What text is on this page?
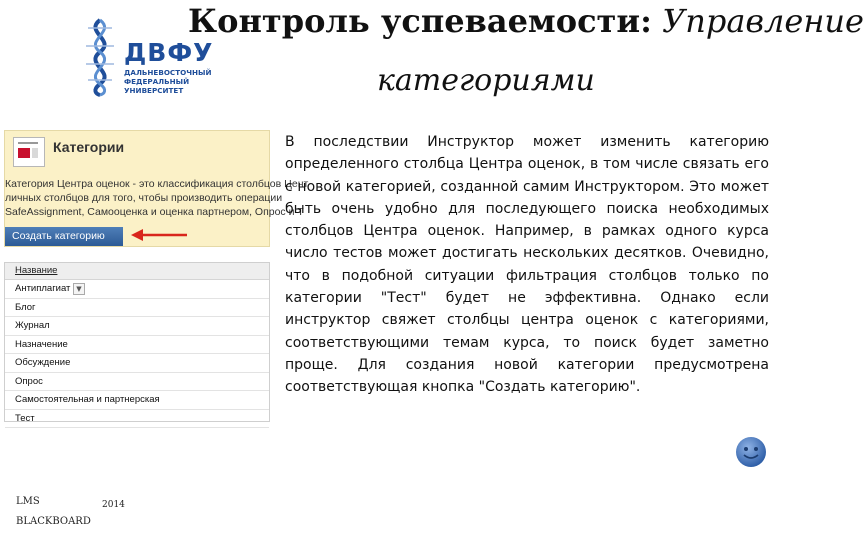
ДВФУ
ДАЛЬНЕВОСТОЧНЫЙ
ФЕДЕРАЛЬНЫЙ
УНИВЕРСИТЕТ
Контроль успеваемости: Управление
категориями
Категории
Категория Центра оценок - это классификация столбцов Цент
личных столбцов для того, чтобы производить операции
SafeAssignment, Самооценка и оценка партнером, Опрос и Т
Создать категорию
Название
Антиплагиат ▼
Блог
Журнал
Назначение
Обсуждение
Опрос
Самостоятельная и партнерская
Тест
В последствии Инструктор может изменить категорию определенного столбца Центра оценок, в том числе связать его с новой категорией, созданной самим Инструктором. Это может быть очень удобно для последующего поиска необходимых столбцов Центра оценок. Например, в рамках одного курса число тестов может достигать нескольких десятков. Очевидно, что в подобной ситуации фильтрация столбцов только по категории "Тест" будет не эффективна. Однако если инструктор свяжет столбцы центра оценок с категориями, соответствующими темам курса, то поиск будет заметно проще. Для создания новой категории предусмотрена соответствующая кнопка "Создать категорию".
LMS
BLACKBOARD
2014
